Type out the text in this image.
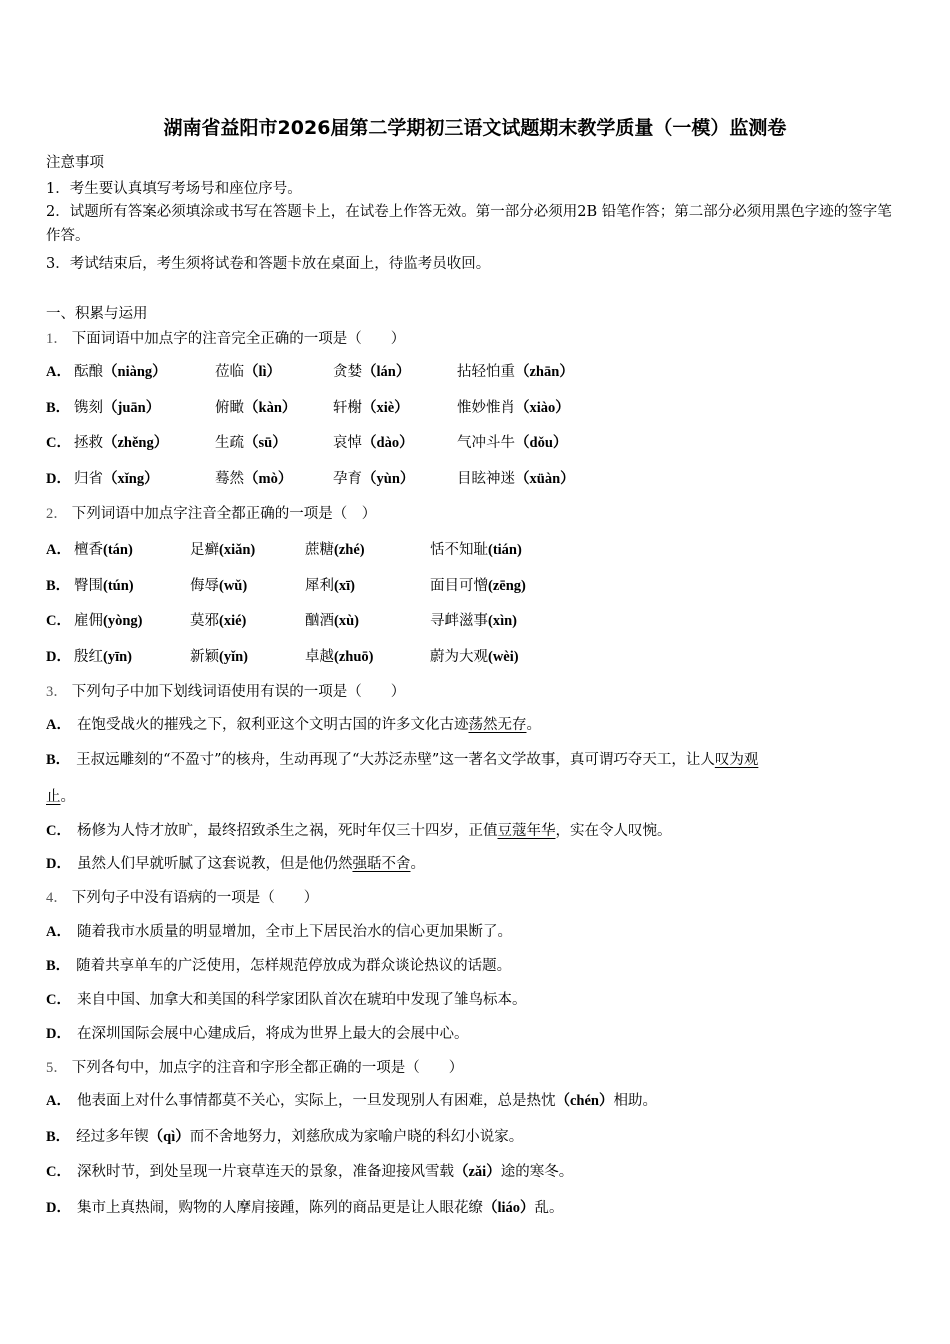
湖南省益阳市2026届第二学期初三语文试题期末教学质量（一模）监测卷
注意事项
1．考生要认真填写考场号和座位序号。
2．试题所有答案必须填涂或书写在答题卡上，在试卷上作答无效。第一部分必须用2B 铅笔作答；第二部分必须用黑色字迹的签字笔作答。
3．考试结束后，考生须将试卷和答题卡放在桌面上，待监考员收回。
一、积累与运用
1． 下面词语中加点字的注音完全正确的一项是（　　）
A． 酝酿（niàng）	莅临（lì）	贪婪（lán）	拈轻怕重（zhān）
B． 镌刻（juān）	俯瞰（kàn）	轩榭（xiè）	惟妙惟肖（xiào）
C． 拯救（zhěng）	生疏（sū）	哀悼（dào）	气冲斗牛（dǒu）
D． 归省（xǐng）	蓦然（mò）	孕育（yùn）	目眩神迷（xüàn）
2． 下列词语中加点字注音全都正确的一项是（　）
A． 檀香(tán)	足癣(xiǎn)	蔗糖(zhé)	恬不知耻(tián)
B． 臀围(tún)	侮辱(wǔ)	犀利(xī)	面目可憎(zēng)
C． 雇佣(yòng)	莫邪(xié)	酗酒(xù)	寻衅滋事(xìn)
D． 殷红(yīn)	新颖(yǐn)	卓越(zhuō)	蔚为大观(wèi)
3． 下列句子中加下划线词语使用有误的一项是（　　）
A． 在饱受战火的摧残之下，叙利亚这个文明古国的许多文化古迹荡然无存。
B． 王叔远雕刻的“不盈寸”的核舟，生动再现了“大苏泛赤壁”这一著名文学故事，真可谓巧夺天工，让人叹为观
止。
C． 杨修为人恃才放旷，最终招致杀生之祸，死时年仅三十四岁，正值豆蔻年华，实在令人叹惋。
D． 虽然人们早就听腻了这套说教，但是他仍然强聒不舍。
4． 下列句子中没有语病的一项是（　　）
A． 随着我市水质量的明显增加，全市上下居民治水的信心更加果断了。
B． 随着共享单车的广泛使用，怎样规范停放成为群众谈论热议的话题。
C． 来自中国、加拿大和美国的科学家团队首次在琥珀中发现了雏鸟标本。
D． 在深圳国际会展中心建成后，将成为世界上最大的会展中心。
5． 下列各句中，加点字的注音和字形全都正确的一项是（　　）
A． 他表面上对什么事情都莫不关心，实际上，一旦发现别人有困难，总是热忱（chén）相助。
B． 经过多年锲（qì）而不舍地努力，刘慈欣成为家喻户晓的科幻小说家。
C． 深秋时节，到处呈现一片衰草连天的景象，准备迎接风雪载（zǎi）途的寒冬。
D． 集市上真热闹，购物的人摩肩接踵，陈列的商品更是让人眼花缭（liáo）乱。
